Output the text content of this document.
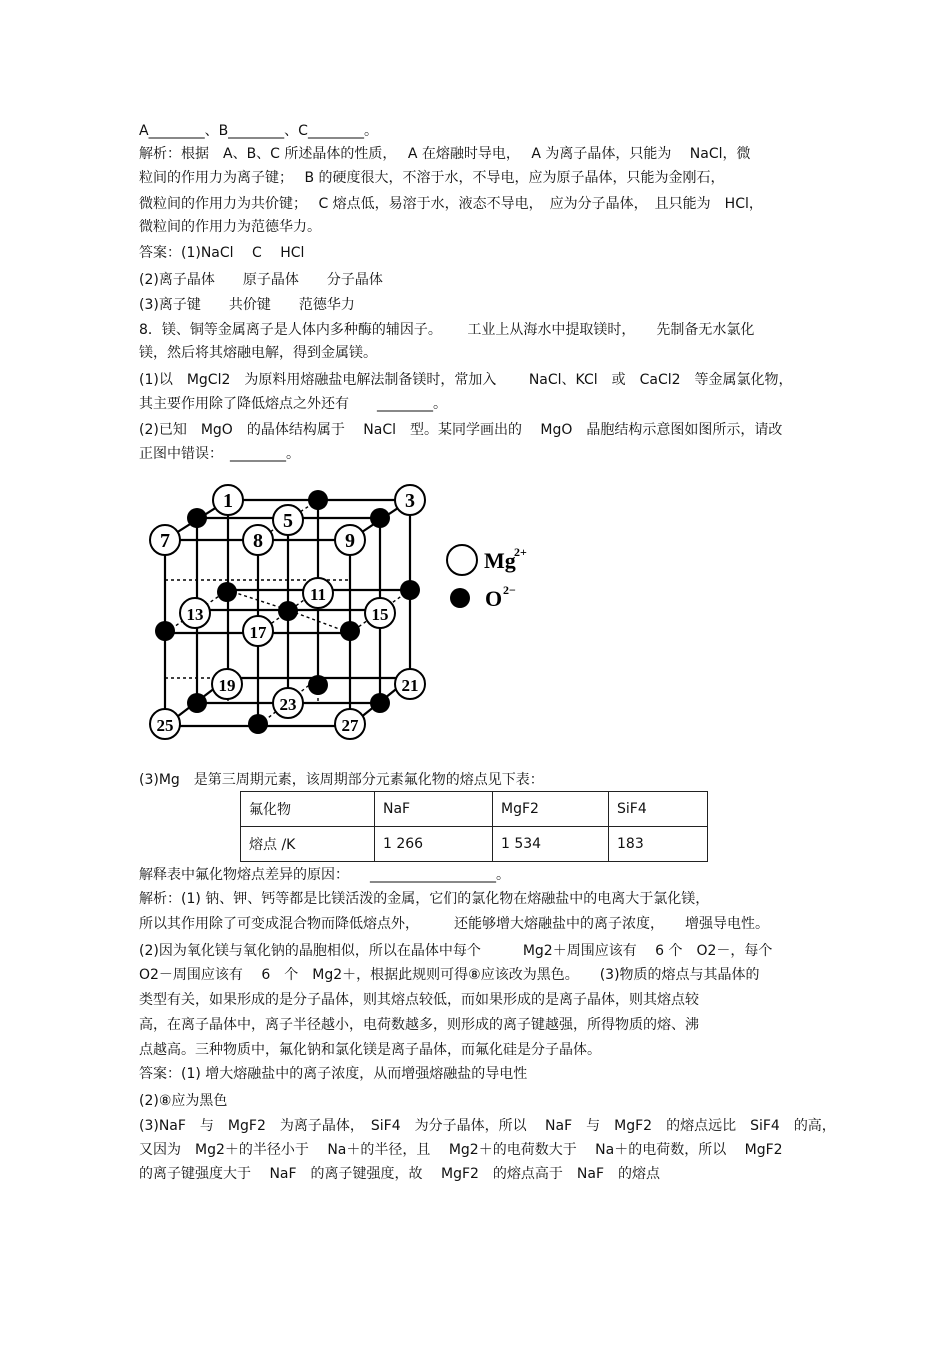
A________、B________、C________。
解析：根据　A、B、C 所述晶体的性质，　 A 在熔融时导电，　 A 为离子晶体，只能为　 NaCl，微
粒间的作用力为离子键；　 B 的硬度很大，不溶于水，不导电，应为原子晶体，只能为金刚石，
微粒间的作用力为共价键；　 C 熔点低，易溶于水，液态不导电，　应为分子晶体，　且只能为　HCl，
微粒间的作用力为范德华力。
答案：(1)NaCl　 C　 HCl
(2)离子晶体　　原子晶体　　分子晶体
(3)离子键　　共价键　　范德华力
8．镁、铜等金属离子是人体内多种酶的辅因子。　　 工业上从海水中提取镁时，　　先制备无水氯化
镁，然后将其熔融电解，得到金属镁。
(1)以　MgCl2　为原料用熔融盐电解法制备镁时，常加入　　 NaCl、KCl　或　CaCl2　等金属氯化物，
其主要作用除了降低熔点之外还有　　________。
(2)已知　MgO　的晶体结构属于　 NaCl　型。某同学画出的　 MgO　晶胞结构示意图如图所示，请改
正图中错误：　________。
1	3
5
7	8	9
11
13	15
17
19	21
23
25	27
Mg
2+
O 2−
(3)Mg　是第三周期元素，该周期部分元素氟化物的熔点见下表：
氟化物	NaF	MgF2	SiF4
熔点 /K	1 266	1 534	183
解释表中氟化物熔点差异的原因：　　__________________。
解析：(1) 钠、钾、钙等都是比镁活泼的金属，它们的氯化物在熔融盐中的电离大于氯化镁，
所以其作用除了可变成混合物而降低熔点外，　　　还能够增大熔融盐中的离子浓度，　　增强导电性。
(2)因为氧化镁与氧化钠的晶胞相似，所以在晶体中每个　　　Mg2＋周围应该有　 6 个　O2－，每个
O2－周围应该有　 6　个　Mg2＋，根据此规则可得⑧应该改为黑色。　　(3)物质的熔点与其晶体的
类型有关，如果形成的是分子晶体，则其熔点较低，而如果形成的是离子晶体，则其熔点较
高，在离子晶体中，离子半径越小，电荷数越多，则形成的离子键越强，所得物质的熔、沸
点越高。三种物质中，氟化钠和氯化镁是离子晶体，而氟化硅是分子晶体。
答案：(1) 增大熔融盐中的离子浓度，从而增强熔融盐的导电性
(2)⑧应为黑色
(3)NaF　与　MgF2　为离子晶体，　SiF4　为分子晶体，所以　 NaF　与　MgF2　的熔点远比　SiF4　的高，
又因为　Mg2＋的半径小于　 Na＋的半径，且　 Mg2＋的电荷数大于　 Na＋的电荷数，所以　 MgF2
的离子键强度大于　 NaF　的离子键强度，故　 MgF2　的熔点高于　NaF　的熔点
